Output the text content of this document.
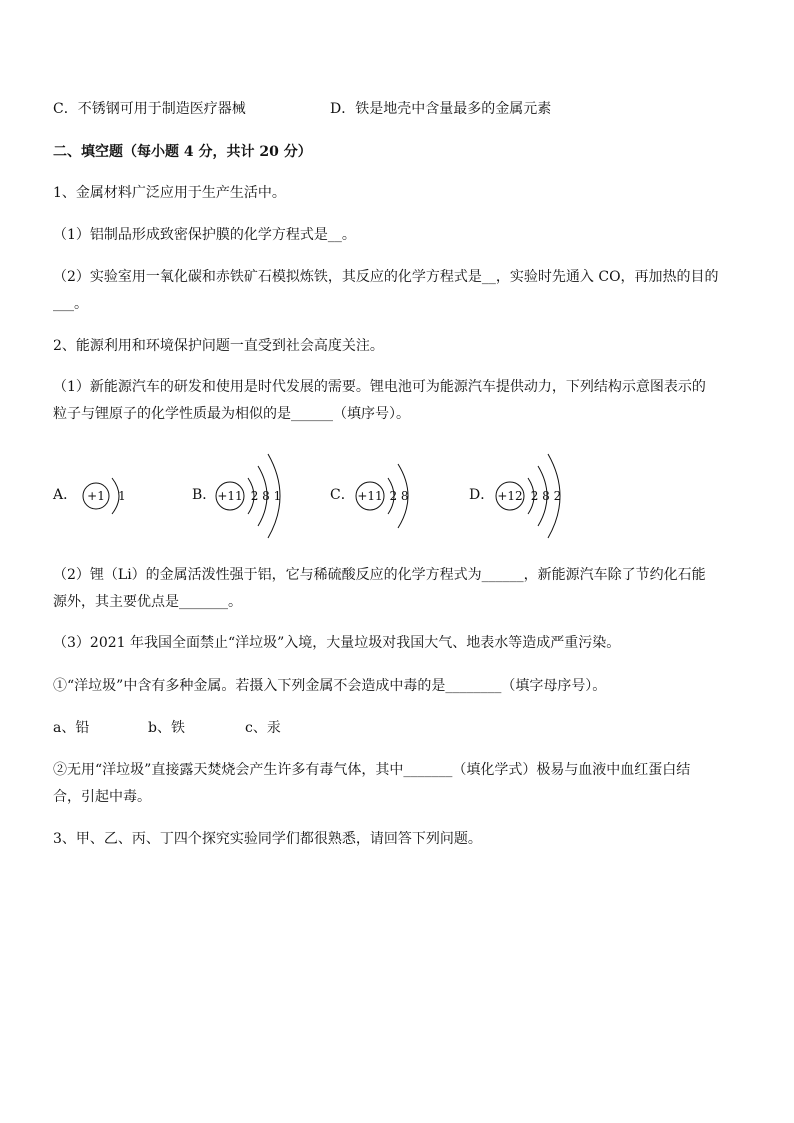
C．不锈钢可用于制造医疗器械	D．铁是地壳中含量最多的金属元素
二、填空题（每小题 4 分，共计 20 分）
1、金属材料广泛应用于生产生活中。
（1）铝制品形成致密保护膜的化学方程式是__。
（2）实验室用一氧化碳和赤铁矿石模拟炼铁，其反应的化学方程式是__，实验时先通入 CO，再加热的目的
___。
2、能源利用和环境保护问题一直受到社会高度关注。
（1）新能源汽车的研发和使用是时代发展的需要。锂电池可为能源汽车提供动力，下列结构示意图表示的
粒子与锂原子的化学性质最为相似的是______（填序号）。
A． +1 1	B． +11 2 8 1	C． +11 2 8	D． +12 2 8 2
（2）锂（Li）的金属活泼性强于铝，它与稀硫酸反应的化学方程式为______，新能源汽车除了节约化石能
源外，其主要优点是_______。
（3）2021 年我国全面禁止“洋垃圾”入境，大量垃圾对我国大气、地表水等造成严重污染。
①“洋垃圾”中含有多种金属。若摄入下列金属不会造成中毒的是________（填字母序号）。
a、铅	b、铁	c、汞
②无用“洋垃圾”直接露天焚烧会产生许多有毒气体，其中_______（填化学式）极易与血液中血红蛋白结
合，引起中毒。
3、甲、乙、丙、丁四个探究实验同学们都很熟悉，请回答下列问题。
